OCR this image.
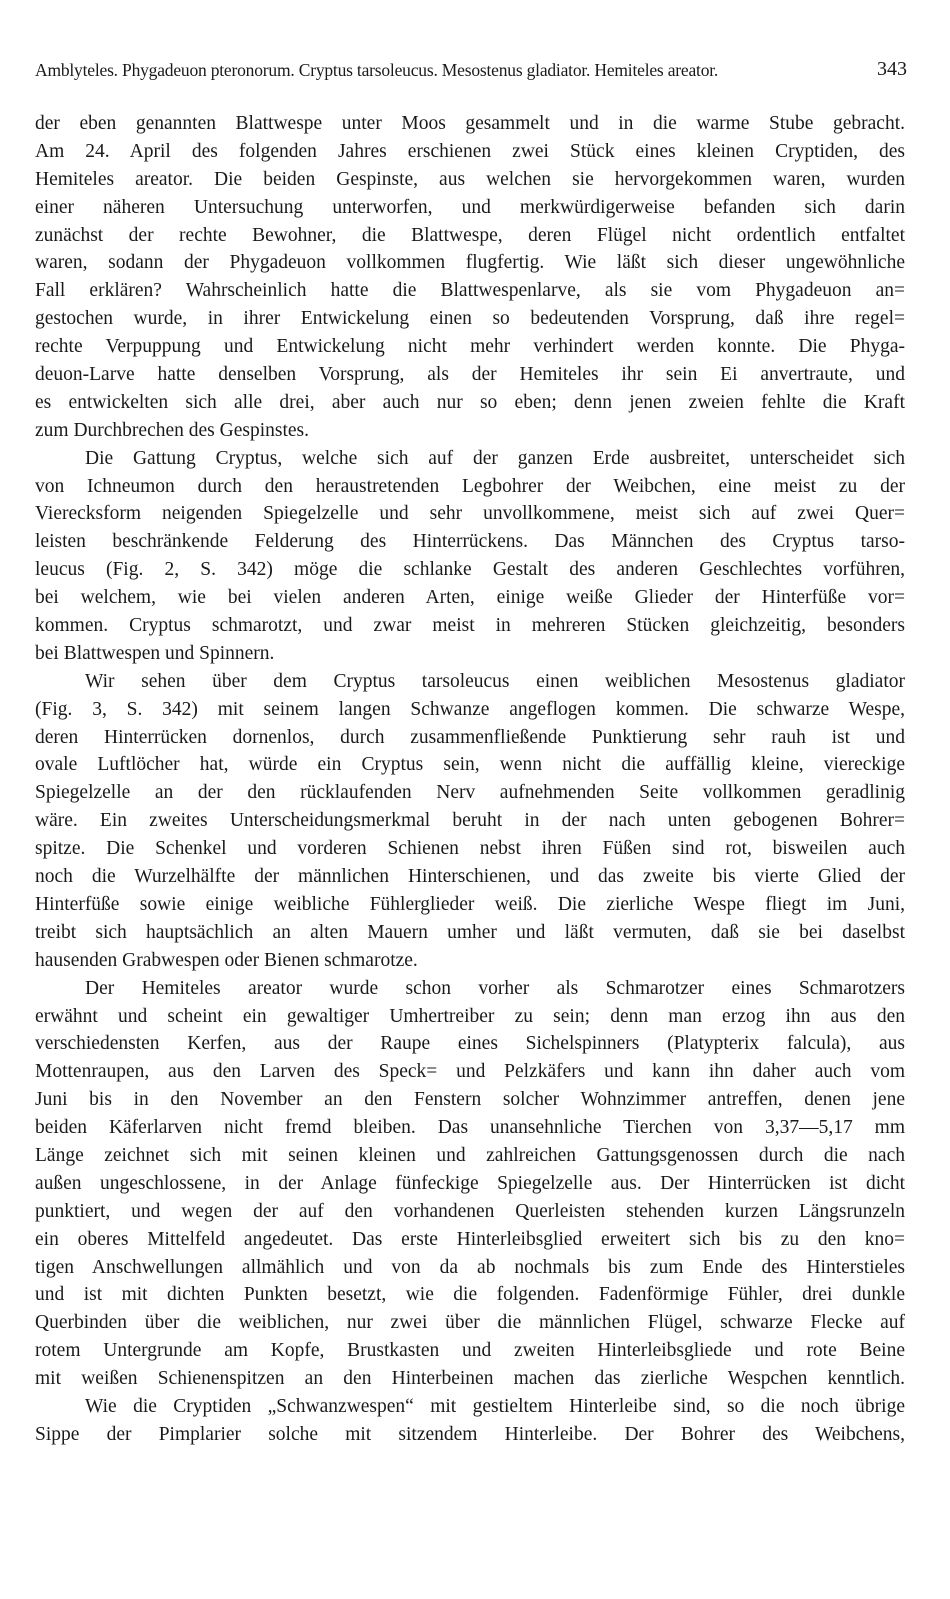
Amblyteles. Phygadeuon pteronorum. Cryptus tarsoleucus. Mesostenus gladiator. Hemiteles areator.	343
der eben genannten Blattwespe unter Moos gesammelt und in die warme Stube gebracht.
Am 24. April des folgenden Jahres erschienen zwei Stück eines kleinen Cryptiden, des
Hemiteles areator. Die beiden Gespinste, aus welchen sie hervorgekommen waren, wurden
einer näheren Untersuchung unterworfen, und merkwürdigerweise befanden sich darin
zunächst der rechte Bewohner, die Blattwespe, deren Flügel nicht ordentlich entfaltet
waren, sodann der Phygadeuon vollkommen flugfertig. Wie läßt sich dieser ungewöhnliche
Fall erklären? Wahrscheinlich hatte die Blattwespenlarve, als sie vom Phygadeuon an=
gestochen wurde, in ihrer Entwickelung einen so bedeutenden Vorsprung, daß ihre regel=
rechte Verpuppung und Entwickelung nicht mehr verhindert werden konnte. Die Phyga-
deuon-Larve hatte denselben Vorsprung, als der Hemiteles ihr sein Ei anvertraute, und
es entwickelten sich alle drei, aber auch nur so eben; denn jenen zweien fehlte die Kraft
zum Durchbrechen des Gespinstes.
Die Gattung Cryptus, welche sich auf der ganzen Erde ausbreitet, unterscheidet sich
von Ichneumon durch den heraustretenden Legbohrer der Weibchen, eine meist zu der
Vierecksform neigenden Spiegelzelle und sehr unvollkommene, meist sich auf zwei Quer=
leisten beschränkende Felderung des Hinterrückens. Das Männchen des Cryptus tarso-
leucus (Fig. 2, S. 342) möge die schlanke Gestalt des anderen Geschlechtes vorführen,
bei welchem, wie bei vielen anderen Arten, einige weiße Glieder der Hinterfüße vor=
kommen. Cryptus schmarotzt, und zwar meist in mehreren Stücken gleichzeitig, besonders
bei Blattwespen und Spinnern.
Wir sehen über dem Cryptus tarsoleucus einen weiblichen Mesostenus gladiator
(Fig. 3, S. 342) mit seinem langen Schwanze angeflogen kommen. Die schwarze Wespe,
deren Hinterrücken dornenlos, durch zusammenfließende Punktierung sehr rauh ist und
ovale Luftlöcher hat, würde ein Cryptus sein, wenn nicht die auffällig kleine, viereckige
Spiegelzelle an der den rücklaufenden Nerv aufnehmenden Seite vollkommen geradlinig
wäre. Ein zweites Unterscheidungsmerkmal beruht in der nach unten gebogenen Bohrer=
spitze. Die Schenkel und vorderen Schienen nebst ihren Füßen sind rot, bisweilen auch
noch die Wurzelhälfte der männlichen Hinterschienen, und das zweite bis vierte Glied der
Hinterfüße sowie einige weibliche Fühlerglieder weiß. Die zierliche Wespe fliegt im Juni,
treibt sich hauptsächlich an alten Mauern umher und läßt vermuten, daß sie bei daselbst
hausenden Grabwespen oder Bienen schmarotze.
Der Hemiteles areator wurde schon vorher als Schmarotzer eines Schmarotzers
erwähnt und scheint ein gewaltiger Umhertreiber zu sein; denn man erzog ihn aus den
verschiedensten Kerfen, aus der Raupe eines Sichelspinners (Platypterix falcula), aus
Mottenraupen, aus den Larven des Speck= und Pelzkäfers und kann ihn daher auch vom
Juni bis in den November an den Fenstern solcher Wohnzimmer antreffen, denen jene
beiden Käferlarven nicht fremd bleiben. Das unansehnliche Tierchen von 3,37—5,17 mm
Länge zeichnet sich mit seinen kleinen und zahlreichen Gattungsgenossen durch die nach
außen ungeschlossene, in der Anlage fünfeckige Spiegelzelle aus. Der Hinterrücken ist dicht
punktiert, und wegen der auf den vorhandenen Querleisten stehenden kurzen Längsrunzeln
ein oberes Mittelfeld angedeutet. Das erste Hinterleibsglied erweitert sich bis zu den kno=
tigen Anschwellungen allmählich und von da ab nochmals bis zum Ende des Hinterstieles
und ist mit dichten Punkten besetzt, wie die folgenden. Fadenförmige Fühler, drei dunkle
Querbinden über die weiblichen, nur zwei über die männlichen Flügel, schwarze Flecke auf
rotem Untergrunde am Kopfe, Brustkasten und zweiten Hinterleibsgliede und rote Beine
mit weißen Schienenspitzen an den Hinterbeinen machen das zierliche Wespchen kenntlich.
Wie die Cryptiden „Schwanzwespen“ mit gestieltem Hinterleibe sind, so die noch übrige
Sippe der Pimplarier solche mit sitzendem Hinterleibe. Der Bohrer des Weibchens,
